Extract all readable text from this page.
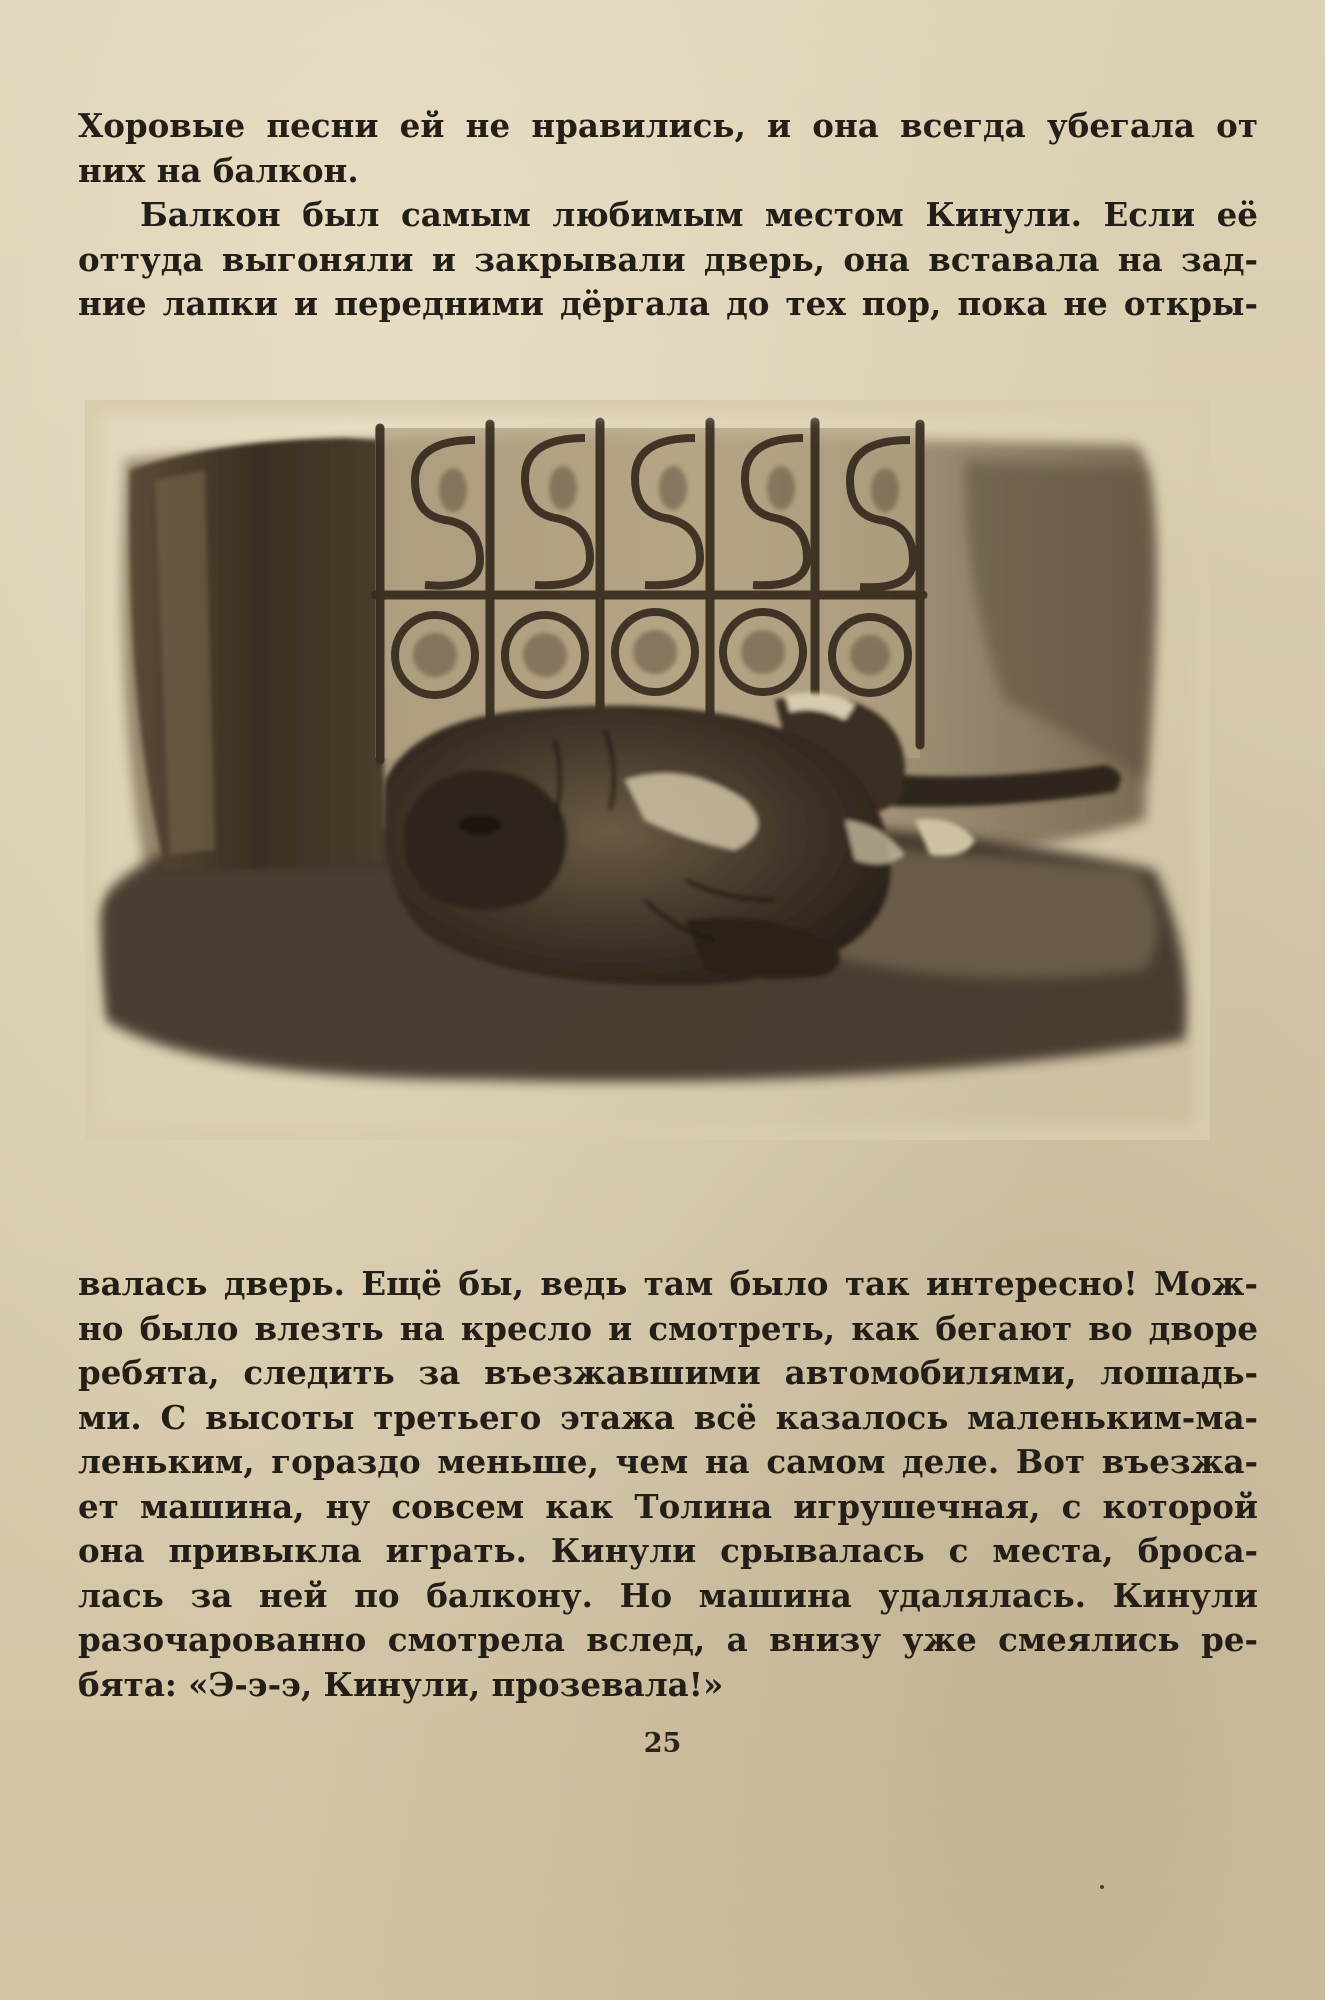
Хоровые песни ей не нравились, и она всегда убегала от

них на балкон.

Балкон был самым любимым местом Кинули. Если её

оттуда выгоняли и закрывали дверь, она вставала на зад-

ние лапки и передними дёргала до тех пор, пока не откры-

валась дверь. Ещё бы, ведь там было так интересно! Мож-

но было влезть на кресло и смотреть, как бегают во дворе

ребята, следить за въезжавшими автомобилями, лошадь-

ми. С высоты третьего этажа всё казалось маленьким-ма-

леньким, гораздо меньше, чем на самом деле. Вот въезжа-

ет машина, ну совсем как Толина игрушечная, с которой

она привыкла играть. Кинули срывалась с места, броса-

лась за ней по балкону. Но машина удалялась. Кинули

разочарованно смотрела вслед, а внизу уже смеялись ре-

бята: «Э-э-э, Кинули, прозевала!»

25
